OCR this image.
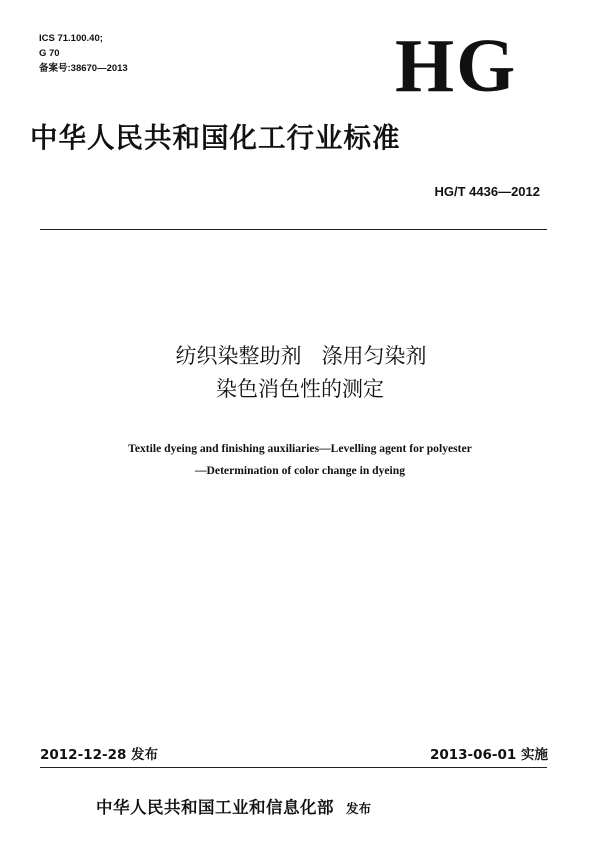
ICS 71.100.40;
G 70
备案号:38670—2013	HG
中华人民共和国化工行业标准
HG/T 4436—2012
纺织染整助剂 涤用匀染剂
染色消色性的测定
Textile dyeing and finishing auxiliaries—Levelling agent for polyester
—Determination of color change in dyeing
2012-12-28 发布	2013-06-01 实施
中华人民共和国工业和信息化部 发布
